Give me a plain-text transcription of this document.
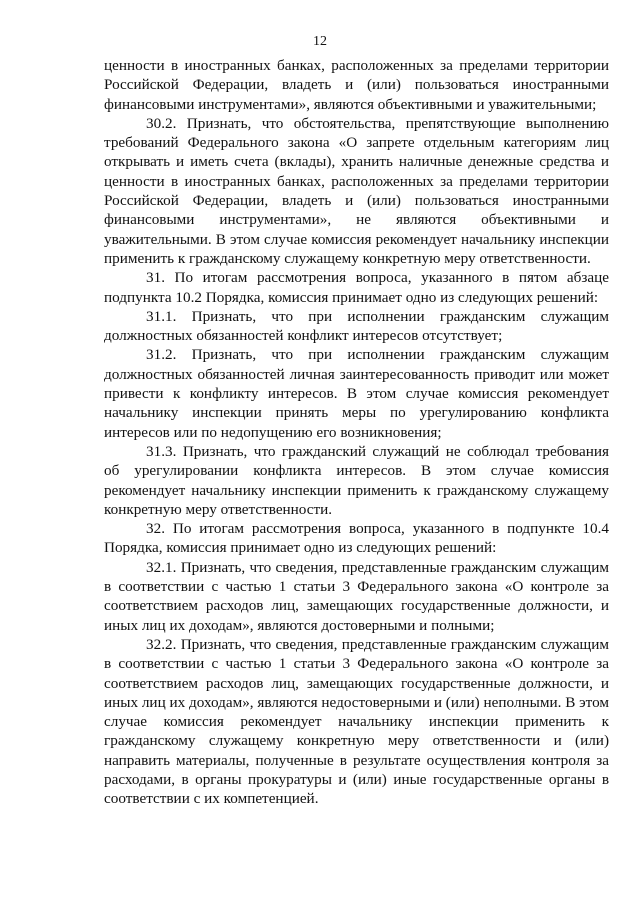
12

ценности в иностранных банках, расположенных за пределами территории Российской Федерации, владеть и (или) пользоваться иностранными финансовыми инструментами», являются объективными и уважительными;

30.2. Признать, что обстоятельства, препятствующие выполнению требований Федерального закона «О запрете отдельным категориям лиц открывать и иметь счета (вклады), хранить наличные денежные средства и ценности в иностранных банках, расположенных за пределами территории Российской Федерации, владеть и (или) пользоваться иностранными финансовыми инструментами», не являются объективными и уважительными. В этом случае комиссия рекомендует начальнику инспекции применить к гражданскому служащему конкретную меру ответственности.

31. По итогам рассмотрения вопроса, указанного в пятом абзаце подпункта 10.2 Порядка, комиссия принимает одно из следующих решений:

31.1. Признать, что при исполнении гражданским служащим должностных обязанностей конфликт интересов отсутствует;

31.2. Признать, что при исполнении гражданским служащим должностных обязанностей личная заинтересованность приводит или может привести к конфликту интересов. В этом случае комиссия рекомендует начальнику инспекции принять меры по урегулированию конфликта интересов или по недопущению его возникновения;

31.3. Признать, что гражданский служащий не соблюдал требования об урегулировании конфликта интересов. В этом случае комиссия рекомендует начальнику инспекции применить к гражданскому служащему конкретную меру ответственности.

32. По итогам рассмотрения вопроса, указанного в подпункте 10.4 Порядка, комиссия принимает одно из следующих решений:

32.1. Признать, что сведения, представленные гражданским служащим в соответствии с частью 1 статьи 3 Федерального закона «О контроле за соответствием расходов лиц, замещающих государственные должности, и иных лиц их доходам», являются достоверными и полными;

32.2. Признать, что сведения, представленные гражданским служащим в соответствии с частью 1 статьи 3 Федерального закона «О контроле за соответствием расходов лиц, замещающих государственные должности, и иных лиц их доходам», являются недостоверными и (или) неполными. В этом случае комиссия рекомендует начальнику инспекции применить к гражданскому служащему конкретную меру ответственности и (или) направить материалы, полученные в результате осуществления контроля за расходами, в органы прокуратуры и (или) иные государственные органы в соответствии с их компетенцией.
